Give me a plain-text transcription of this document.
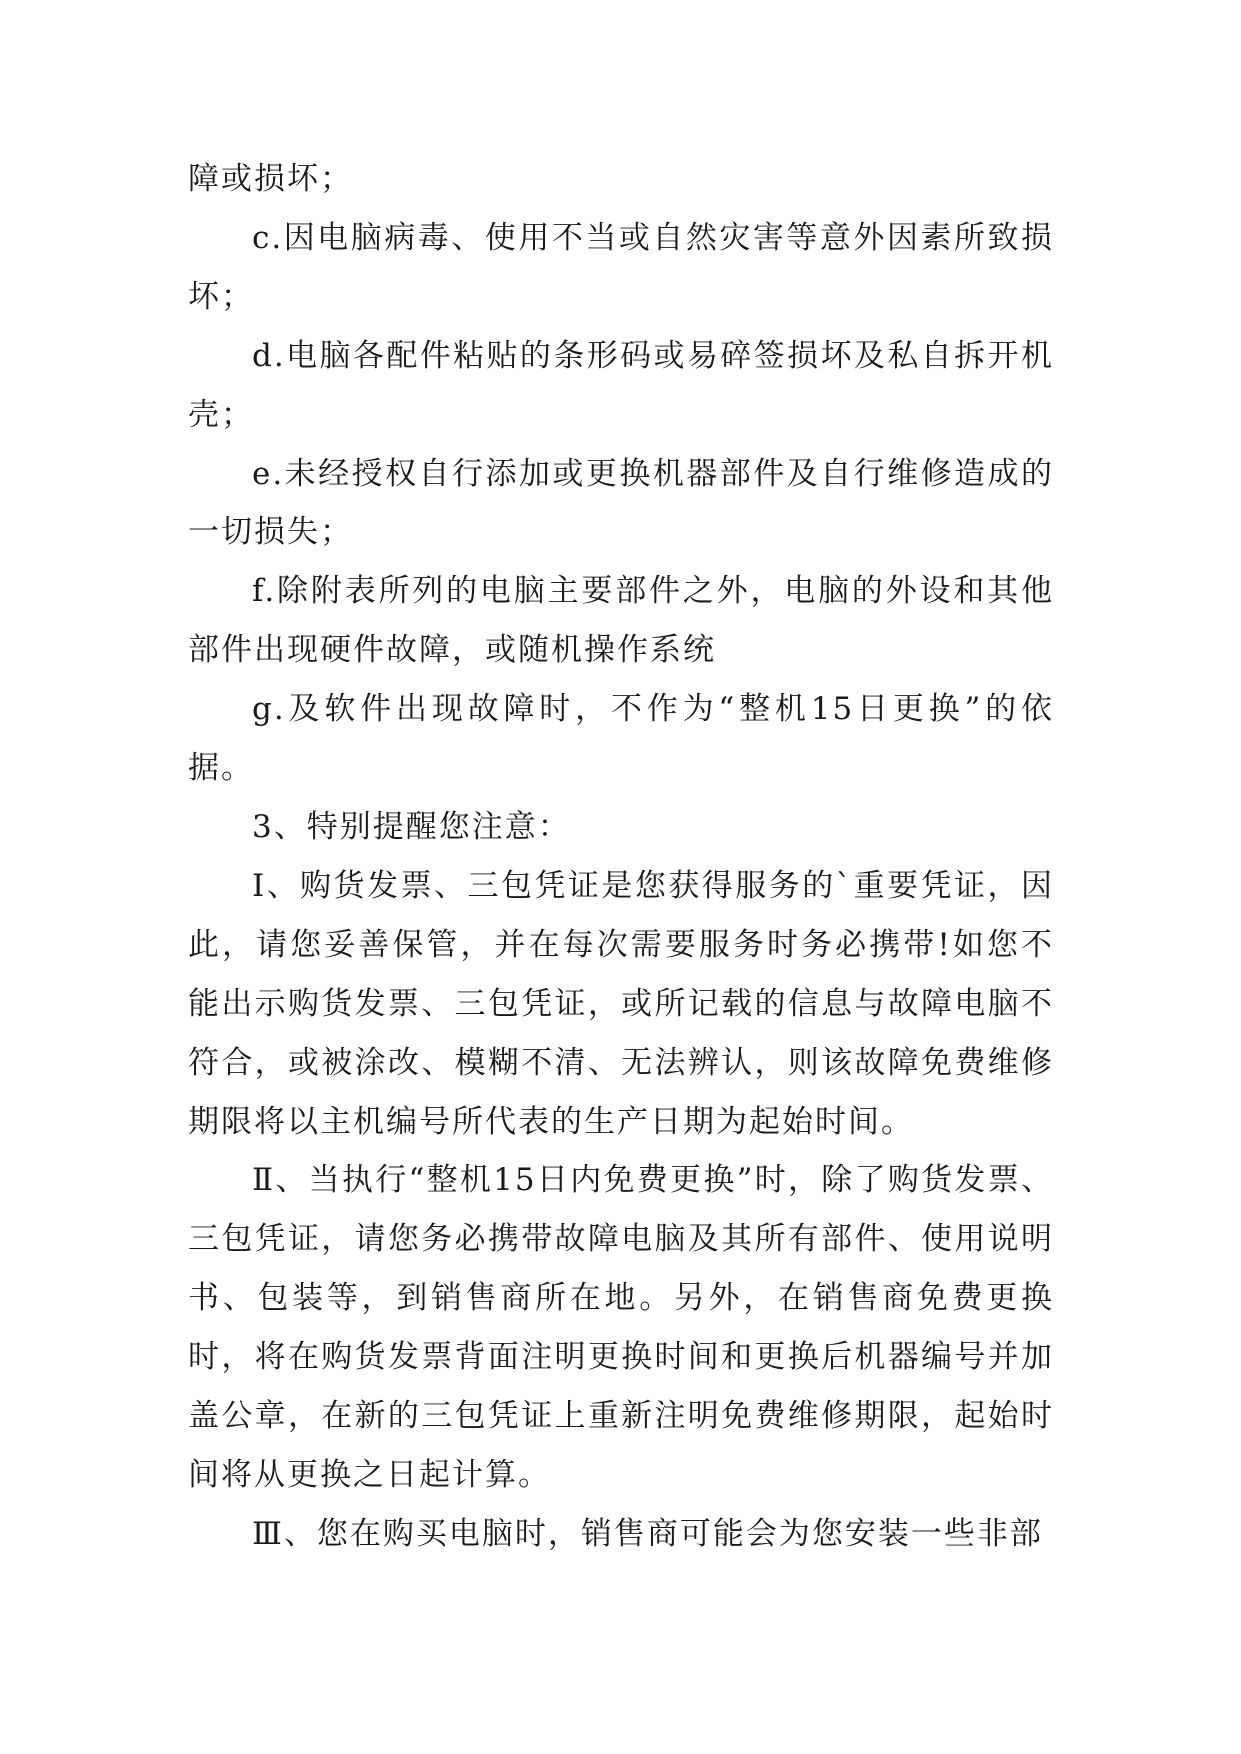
障或损坏；

c.因电脑病毒、使用不当或自然灾害等意外因素所致损坏；

d.电脑各配件粘贴的条形码或易碎签损坏及私自拆开机壳；

e.未经授权自行添加或更换机器部件及自行维修造成的一切损失；

f.除附表所列的电脑主要部件之外，电脑的外设和其他部件出现硬件故障，或随机操作系统

g.及软件出现故障时，不作为“整机15日更换”的依据。

3、特别提醒您注意：

Ⅰ、购货发票、三包凭证是您获得服务的`重要凭证，因此，请您妥善保管，并在每次需要服务时务必携带!如您不能出示购货发票、三包凭证，或所记载的信息与故障电脑不符合，或被涂改、模糊不清、无法辨认，则该故障免费维修期限将以主机编号所代表的生产日期为起始时间。

Ⅱ、当执行“整机15日内免费更换”时，除了购货发票、三包凭证，请您务必携带故障电脑及其所有部件、使用说明书、包装等，到销售商所在地。另外，在销售商免费更换时，将在购货发票背面注明更换时间和更换后机器编号并加盖公章，在新的三包凭证上重新注明免费维修期限，起始时间将从更换之日起计算。

Ⅲ、您在购买电脑时，销售商可能会为您安装一些非部
